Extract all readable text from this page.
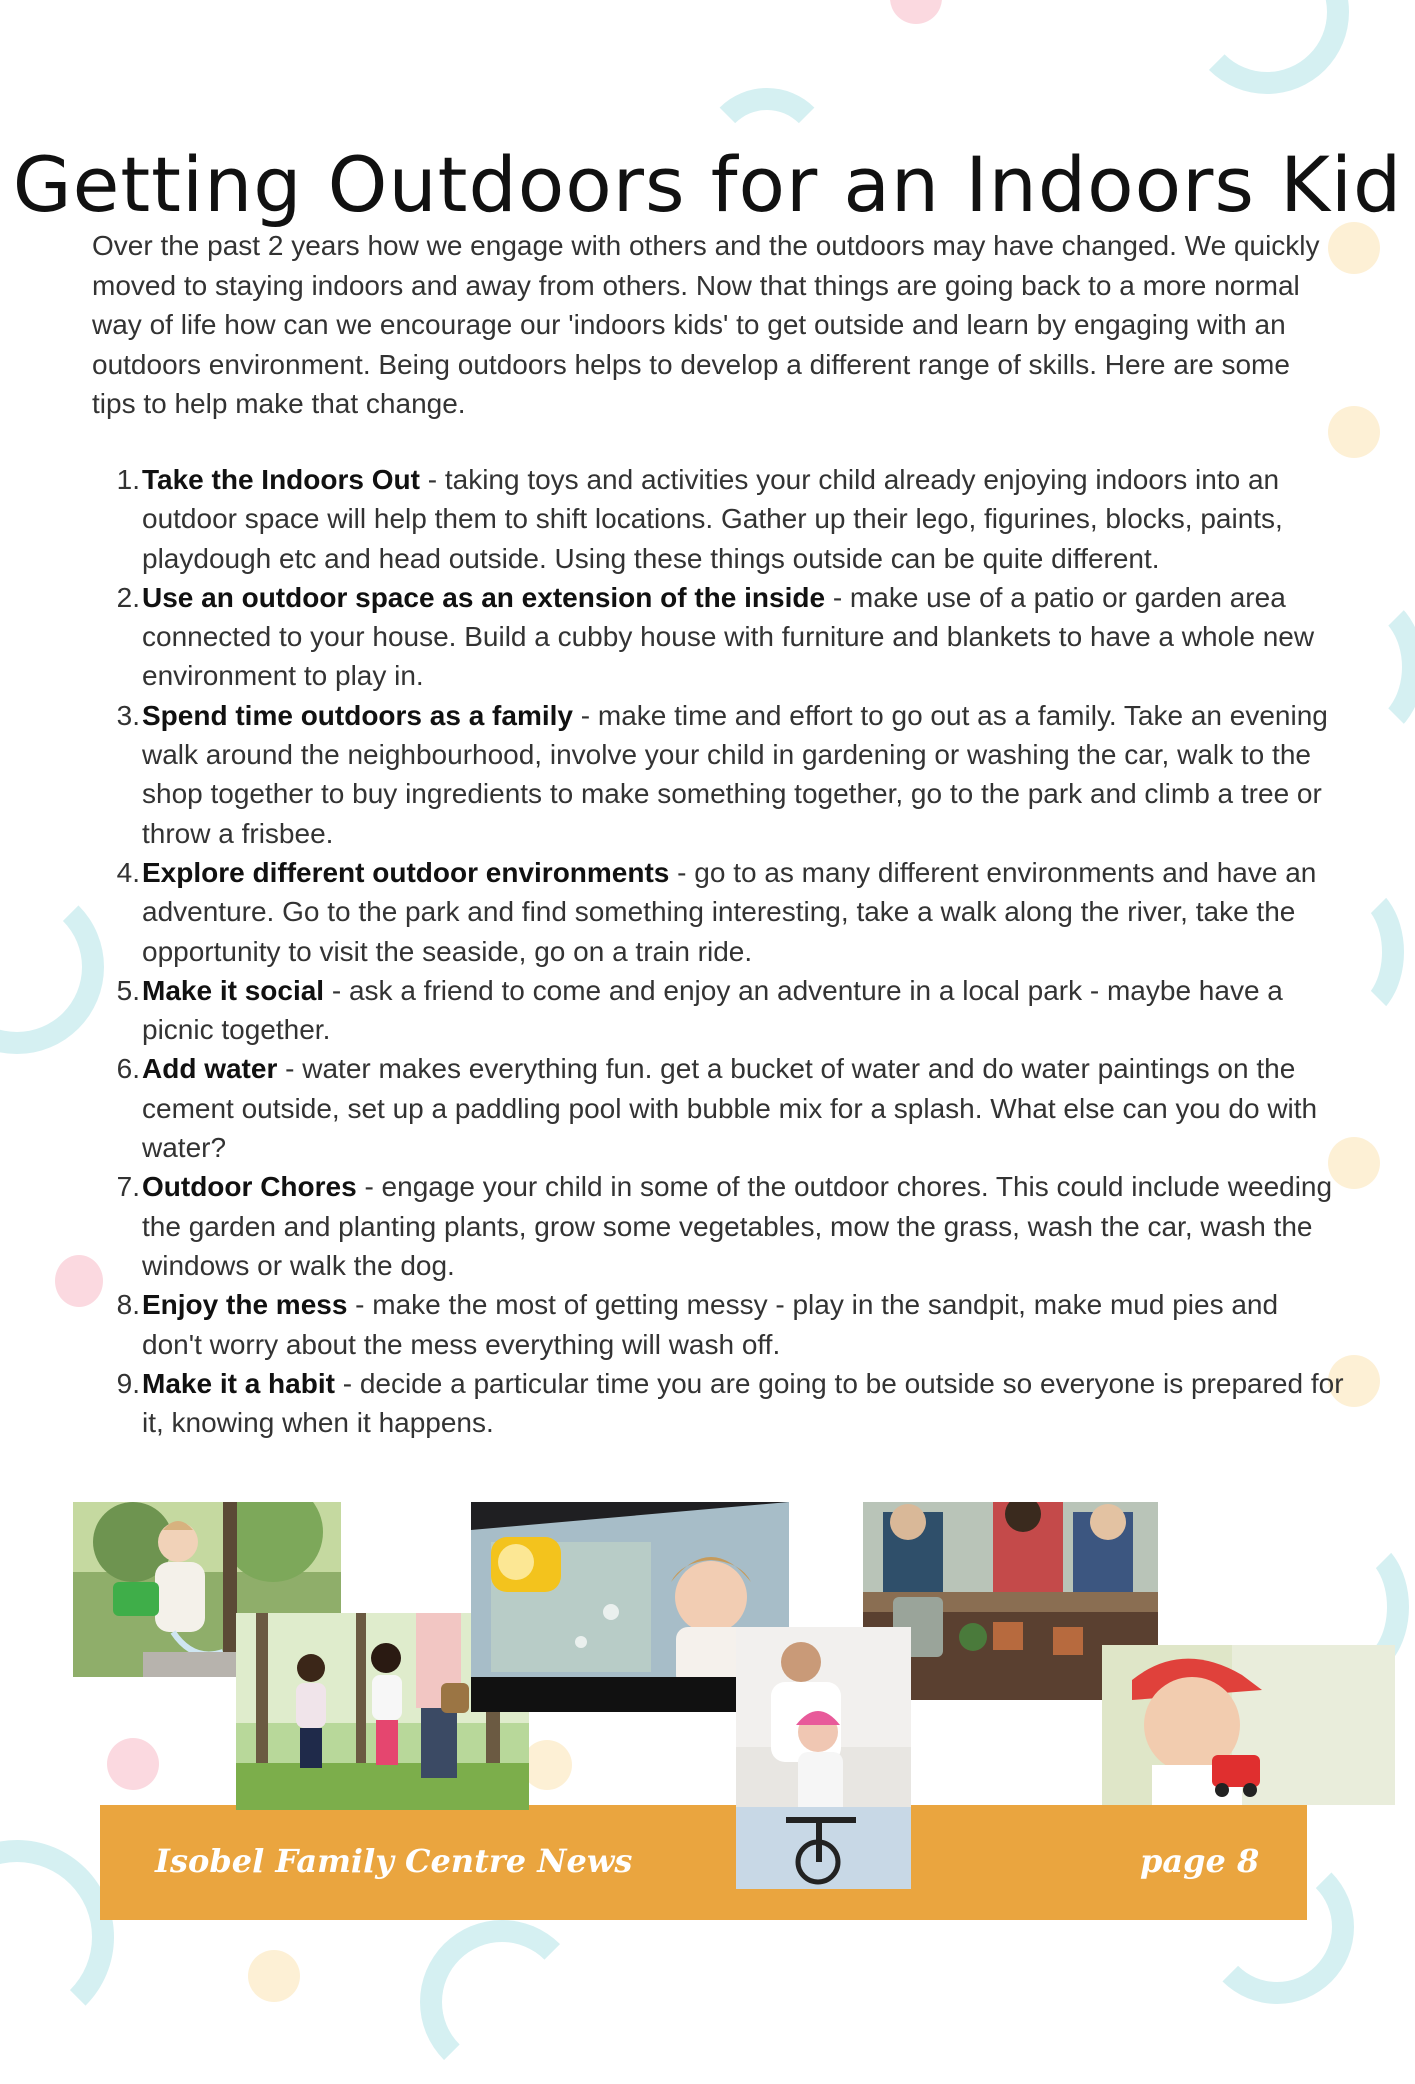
Getting Outdoors for an Indoors Kid

Over the past 2 years how we engage with others and the outdoors may have changed. We quickly moved to staying indoors and away from others. Now that things are going back to a more normal way of life how can we encourage our 'indoors kids' to get outside and learn by engaging with an outdoors environment. Being outdoors helps to develop a different range of skills. Here are some tips to help make that change.

1. Take the Indoors Out - taking toys and activities your child already enjoying indoors into an outdoor space will help them to shift locations. Gather up their lego, figurines, blocks, paints, playdough etc and head outside. Using these things outside can be quite different.
2. Use an outdoor space as an extension of the inside - make use of a patio or garden area connected to your house. Build a cubby house with furniture and blankets to have a whole new environment to play in.
3. Spend time outdoors as a family - make time and effort to go out as a family. Take an evening walk around the neighbourhood, involve your child in gardening or washing the car, walk to the shop together to buy ingredients to make something together, go to the park and climb a tree or throw a frisbee.
4. Explore different outdoor environments - go to as many different environments and have an adventure. Go to the park and find something interesting, take a walk along the river, take the opportunity to visit the seaside, go on a train ride.
5. Make it social - ask a friend to come and enjoy an adventure in a local park - maybe have a picnic together.
6. Add water - water makes everything fun. get a bucket of water and do water paintings on the cement outside, set up a paddling pool with bubble mix for a splash. What else can you do with water?
7. Outdoor Chores - engage your child in some of the outdoor chores. This could include weeding the garden and planting plants, grow some vegetables, mow the grass, wash the car, wash the windows or walk the dog.
8. Enjoy the mess - make the most of getting messy - play in the sandpit, make mud pies and don't worry about the mess everything will wash off.
9. Make it a habit - decide a particular time you are going to be outside so everyone is prepared for it, knowing when it happens.
Isobel Family Centre News	page 8
